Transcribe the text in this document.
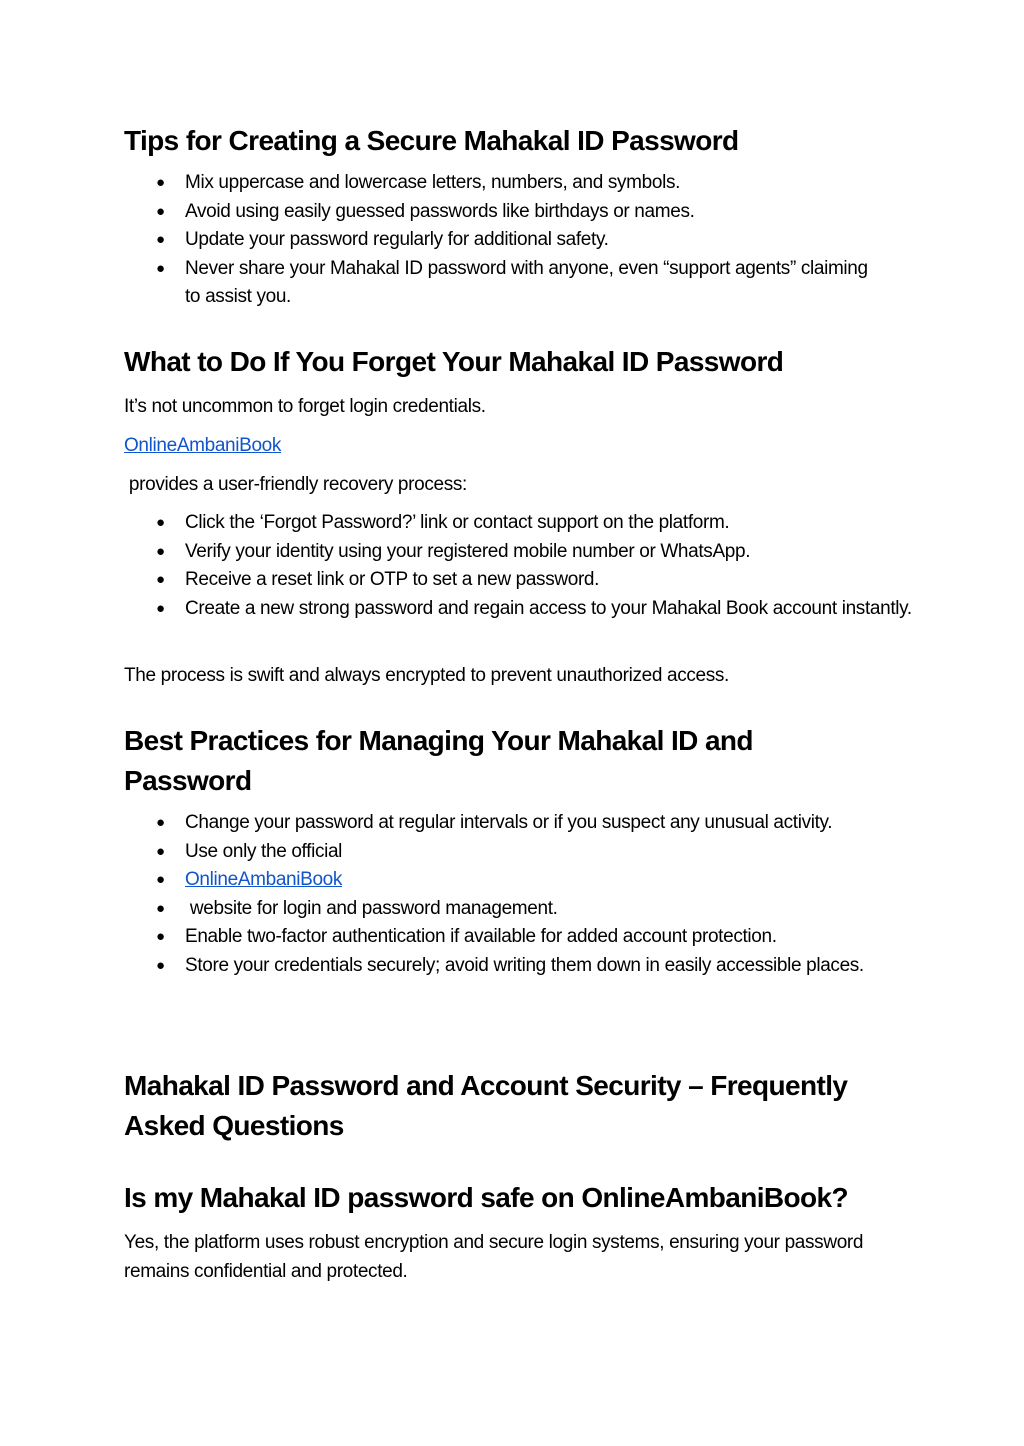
Tips for Creating a Secure Mahakal ID Password
● Mix uppercase and lowercase letters, numbers, and symbols.
● Avoid using easily guessed passwords like birthdays or names.
● Update your password regularly for additional safety.
● Never share your Mahakal ID password with anyone, even “support agents” claiming to assist you.
What to Do If You Forget Your Mahakal ID Password

It’s not uncommon to forget login credentials.

OnlineAmbaniBook

provides a user-friendly recovery process:

● Click the ‘Forgot Password?’ link or contact support on the platform.
● Verify your identity using your registered mobile number or WhatsApp.
● Receive a reset link or OTP to set a new password.
● Create a new strong password and regain access to your Mahakal Book account instantly.

The process is swift and always encrypted to prevent unauthorized access.

Best Practices for Managing Your Mahakal ID and Password
● Change your password at regular intervals or if you suspect any unusual activity.
● Use only the official
● OnlineAmbaniBook
● website for login and password management.
● Enable two-factor authentication if available for added account protection.
● Store your credentials securely; avoid writing them down in easily accessible places.
Mahakal ID Password and Account Security – Frequently Asked Questions
Is my Mahakal ID password safe on OnlineAmbaniBook?

Yes, the platform uses robust encryption and secure login systems, ensuring your password remains confidential and protected.
